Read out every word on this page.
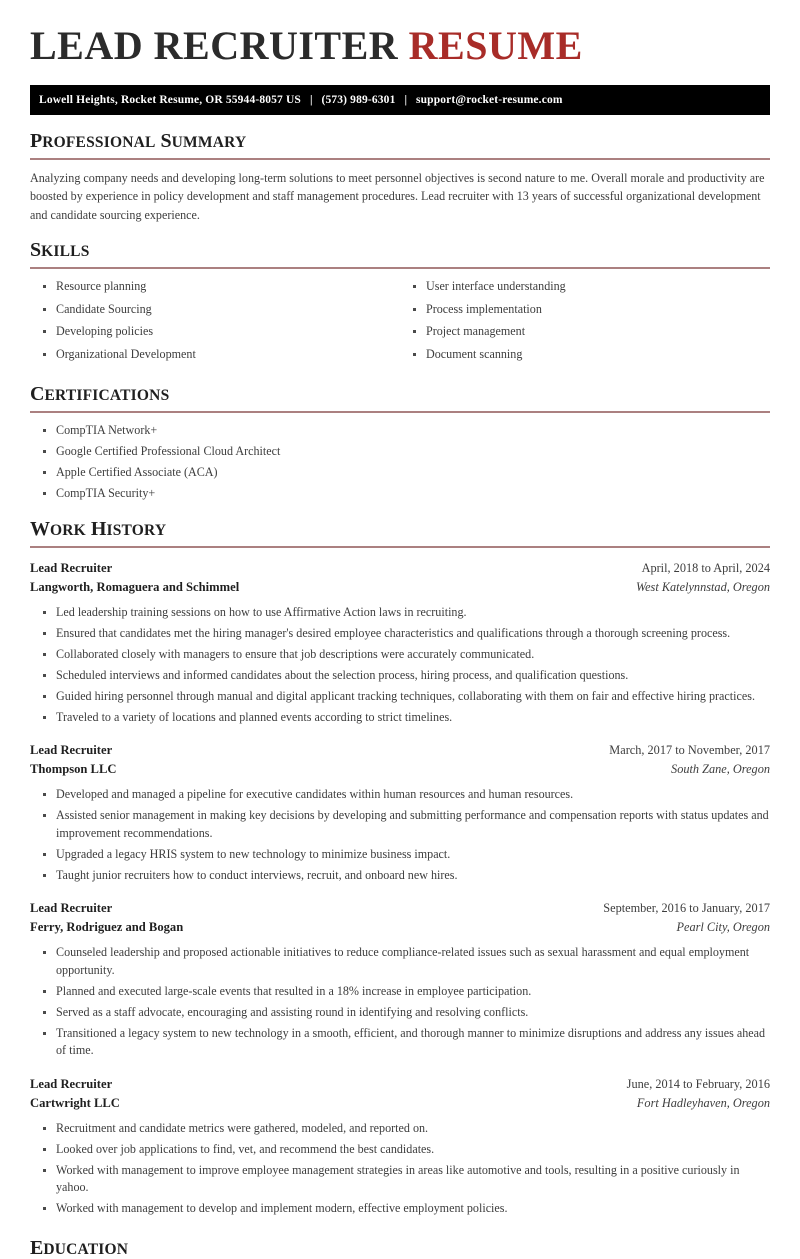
LEAD RECRUITER RESUME
Lowell Heights, Rocket Resume, OR 55944-8057 US | (573) 989-6301 | support@rocket-resume.com
PROFESSIONAL SUMMARY

Analyzing company needs and developing long-term solutions to meet personnel objectives is second nature to me. Overall morale and productivity are boosted by experience in policy development and staff management procedures. Lead recruiter with 13 years of successful organizational development and candidate sourcing experience.

SKILLS
Resource planning
Candidate Sourcing
Developing policies
Organizational Development
User interface understanding
Process implementation
Project management
Document scanning
CERTIFICATIONS
CompTIA Network+
Google Certified Professional Cloud Architect
Apple Certified Associate (ACA)
CompTIA Security+
WORK HISTORY
Lead Recruiter	April, 2018 to April, 2024
Langworth, Romaguera and Schimmel	West Katelynnstad, Oregon
Led leadership training sessions on how to use Affirmative Action laws in recruiting.
Ensured that candidates met the hiring manager's desired employee characteristics and qualifications through a thorough screening process.
Collaborated closely with managers to ensure that job descriptions were accurately communicated.
Scheduled interviews and informed candidates about the selection process, hiring process, and qualification questions.
Guided hiring personnel through manual and digital applicant tracking techniques, collaborating with them on fair and effective hiring practices.
Traveled to a variety of locations and planned events according to strict timelines.
Lead Recruiter	March, 2017 to November, 2017
Thompson LLC	South Zane, Oregon
Developed and managed a pipeline for executive candidates within human resources and human resources.
Assisted senior management in making key decisions by developing and submitting performance and compensation reports with status updates and improvement recommendations.
Upgraded a legacy HRIS system to new technology to minimize business impact.
Taught junior recruiters how to conduct interviews, recruit, and onboard new hires.
Lead Recruiter	September, 2016 to January, 2017
Ferry, Rodriguez and Bogan	Pearl City, Oregon
Counseled leadership and proposed actionable initiatives to reduce compliance-related issues such as sexual harassment and equal employment opportunity.
Planned and executed large-scale events that resulted in a 18% increase in employee participation.
Served as a staff advocate, encouraging and assisting round in identifying and resolving conflicts.
Transitioned a legacy system to new technology in a smooth, efficient, and thorough manner to minimize disruptions and address any issues ahead of time.
Lead Recruiter	June, 2014 to February, 2016
Cartwright LLC	Fort Hadleyhaven, Oregon
Recruitment and candidate metrics were gathered, modeled, and reported on.
Looked over job applications to find, vet, and recommend the best candidates.
Worked with management to improve employee management strategies in areas like automotive and tools, resulting in a positive curiously in yahoo.
Worked with management to develop and implement modern, effective employment policies.
EDUCATION
